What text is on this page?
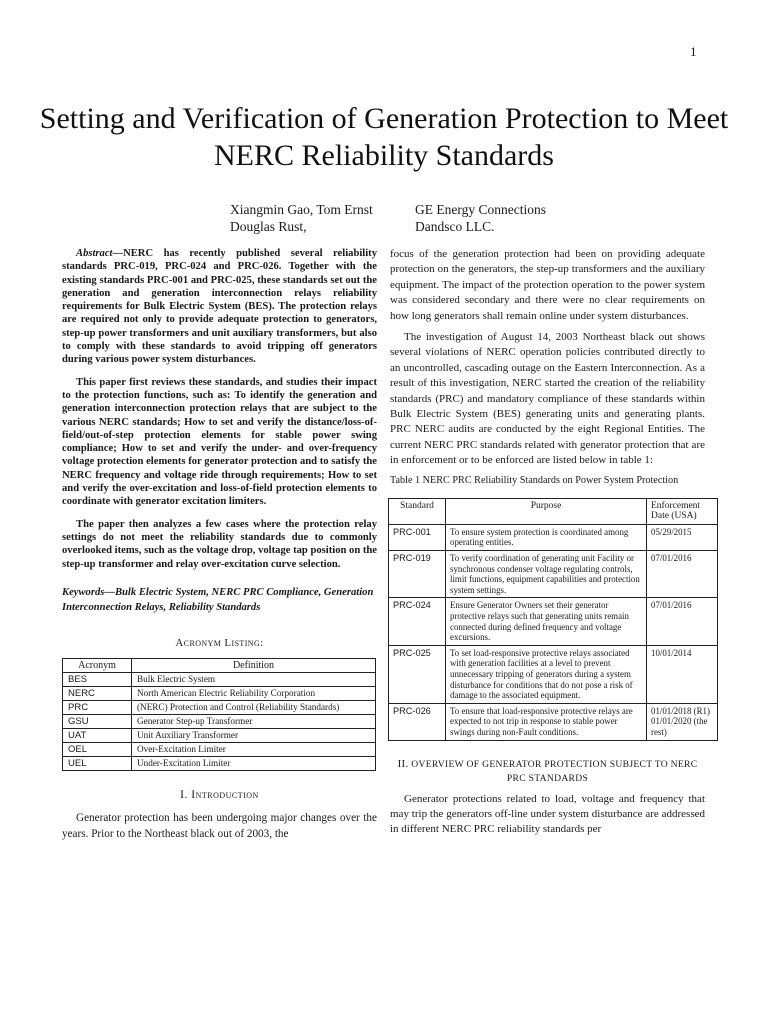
1
Setting and Verification of Generation Protection to Meet NERC Reliability Standards
Xiangmin Gao, Tom Ernst
Douglas Rust,
GE Energy Connections
Dandsco LLC.

Abstract—NERC has recently published several reliability standards PRC-019, PRC-024 and PRC-026. Together with the existing standards PRC-001 and PRC-025, these standards set out the generation and generation interconnection relays reliability requirements for Bulk Electric System (BES). The protection relays are required not only to provide adequate protection to generators, step-up power transformers and unit auxiliary transformers, but also to comply with these standards to avoid tripping off generators during various power system disturbances.

This paper first reviews these standards, and studies their impact to the protection functions, such as: To identify the generation and generation interconnection protection relays that are subject to the various NERC standards; How to set and verify the distance/loss-of-field/out-of-step protection elements for stable power swing compliance; How to set and verify the under- and over-frequency voltage protection elements for generator protection and to satisfy the NERC frequency and voltage ride through requirements; How to set and verify the over-excitation and loss-of-field protection elements to coordinate with generator excitation limiters.

The paper then analyzes a few cases where the protection relay settings do not meet the reliability standards due to commonly overlooked items, such as the voltage drop, voltage tap position on the step-up transformer and relay over-excitation curve selection.

Keywords—Bulk Electric System, NERC PRC Compliance, Generation Interconnection Relays, Reliability Standards

Acronym Listing:
Acronym	Definition
BES	Bulk Electric System
NERC	North American Electric Reliability Corporation
PRC	(NERC) Protection and Control (Reliability Standards)
GSU	Generator Step-up Transformer
UAT	Unit Auxiliary Transformer
OEL	Over-Excitation Limiter
UEL	Under-Excitation Limiter
I. Introduction

Generator protection has been undergoing major changes over the years. Prior to the Northeast black out of 2003, the

focus of the generation protection had been on providing adequate protection on the generators, the step-up transformers and the auxiliary equipment. The impact of the protection operation to the power system was considered secondary and there were no clear requirements on how long generators shall remain online under system disturbances.

The investigation of August 14, 2003 Northeast black out shows several violations of NERC operation policies contributed directly to an uncontrolled, cascading outage on the Eastern Interconnection. As a result of this investigation, NERC started the creation of the reliability standards (PRC) and mandatory compliance of these standards within Bulk Electric System (BES) generating units and generating plants. PRC NERC audits are conducted by the eight Regional Entities. The current NERC PRC standards related with generator protection that are in enforcement or to be enforced are listed below in table 1:

Table 1 NERC PRC Reliability Standards on Power System Protection
Standard	Purpose	Enforcement Date (USA)
PRC-001	To ensure system protection is coordinated among operating entities.	05/29/2015
PRC-019	To verify coordination of generating unit Facility or synchronous condenser voltage regulating controls, limit functions, equipment capabilities and protection system settings.	07/01/2016
PRC-024	Ensure Generator Owners set their generator protective relays such that generating units remain connected during defined frequency and voltage excursions.	07/01/2016
PRC-025	To set load-responsive protective relays associated with generation facilities at a level to prevent unnecessary tripping of generators during a system disturbance for conditions that do not pose a risk of damage to the associated equipment.	10/01/2014
PRC-026	To ensure that load-responsive protective relays are expected to not trip in response to stable power swings during non-Fault conditions.	01/01/2018 (R1) 01/01/2020 (the rest)
II. OVERVIEW OF GENERATOR PROTECTION SUBJECT TO NERC PRC STANDARDS

Generator protections related to load, voltage and frequency that may trip the generators off-line under system disturbance are addressed in different NERC PRC reliability standards per
